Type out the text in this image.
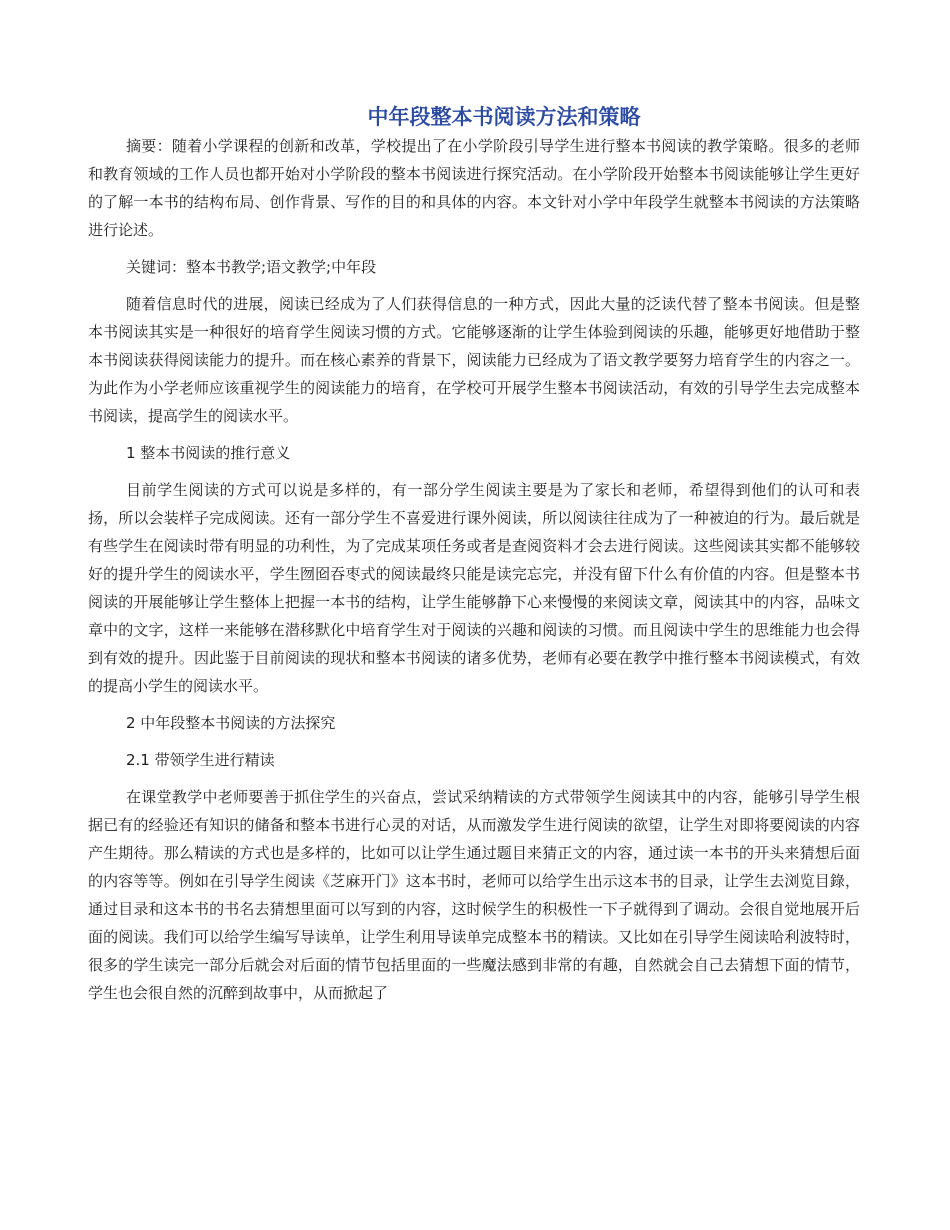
中年段整本书阅读方法和策略

摘要：随着小学课程的创新和改革，学校提出了在小学阶段引导学生进行整本书阅读的教学策略。很多的老师和教育领域的工作人员也都开始对小学阶段的整本书阅读进行探究活动。在小学阶段开始整本书阅读能够让学生更好的了解一本书的结构布局、创作背景、写作的目的和具体的内容。本文针对小学中年段学生就整本书阅读的方法策略进行论述。

关键词：整本书教学;语文教学;中年段

随着信息时代的进展，阅读已经成为了人们获得信息的一种方式，因此大量的泛读代替了整本书阅读。但是整本书阅读其实是一种很好的培育学生阅读习惯的方式。它能够逐渐的让学生体验到阅读的乐趣，能够更好地借助于整本书阅读获得阅读能力的提升。而在核心素养的背景下，阅读能力已经成为了语文教学要努力培育学生的内容之一。为此作为小学老师应该重视学生的阅读能力的培育，在学校可开展学生整本书阅读活动，有效的引导学生去完成整本书阅读，提高学生的阅读水平。

1 整本书阅读的推行意义

目前学生阅读的方式可以说是多样的，有一部分学生阅读主要是为了家长和老师，希望得到他们的认可和表扬，所以会装样子完成阅读。还有一部分学生不喜爱进行课外阅读，所以阅读往往成为了一种被迫的行为。最后就是有些学生在阅读时带有明显的功利性，为了完成某项任务或者是查阅资料才会去进行阅读。这些阅读其实都不能够较好的提升学生的阅读水平，学生囫囵吞枣式的阅读最终只能是读完忘完，并没有留下什么有价值的内容。但是整本书阅读的开展能够让学生整体上把握一本书的结构，让学生能够静下心来慢慢的来阅读文章，阅读其中的内容，品味文章中的文字，这样一来能够在潜移默化中培育学生对于阅读的兴趣和阅读的习惯。而且阅读中学生的思维能力也会得到有效的提升。因此鉴于目前阅读的现状和整本书阅读的诸多优势，老师有必要在教学中推行整本书阅读模式，有效的提高小学生的阅读水平。

2 中年段整本书阅读的方法探究

2.1 带领学生进行精读

在课堂教学中老师要善于抓住学生的兴奋点，尝试采纳精读的方式带领学生阅读其中的内容，能够引导学生根据已有的经验还有知识的储备和整本书进行心灵的对话，从而激发学生进行阅读的欲望，让学生对即将要阅读的内容产生期待。那么精读的方式也是多样的，比如可以让学生通过题目来猜正文的内容，通过读一本书的开头来猜想后面的内容等等。例如在引导学生阅读《芝麻开门》这本书时，老师可以给学生出示这本书的目录，让学生去浏览目錄，通过目录和这本书的书名去猜想里面可以写到的内容，这时候学生的积极性一下子就得到了调动。会很自觉地展开后面的阅读。我们可以给学生编写导读单，让学生利用导读单完成整本书的精读。又比如在引导学生阅读哈利波特时，很多的学生读完一部分后就会对后面的情节包括里面的一些魔法感到非常的有趣，自然就会自己去猜想下面的情节，学生也会很自然的沉醉到故事中，从而掀起了
